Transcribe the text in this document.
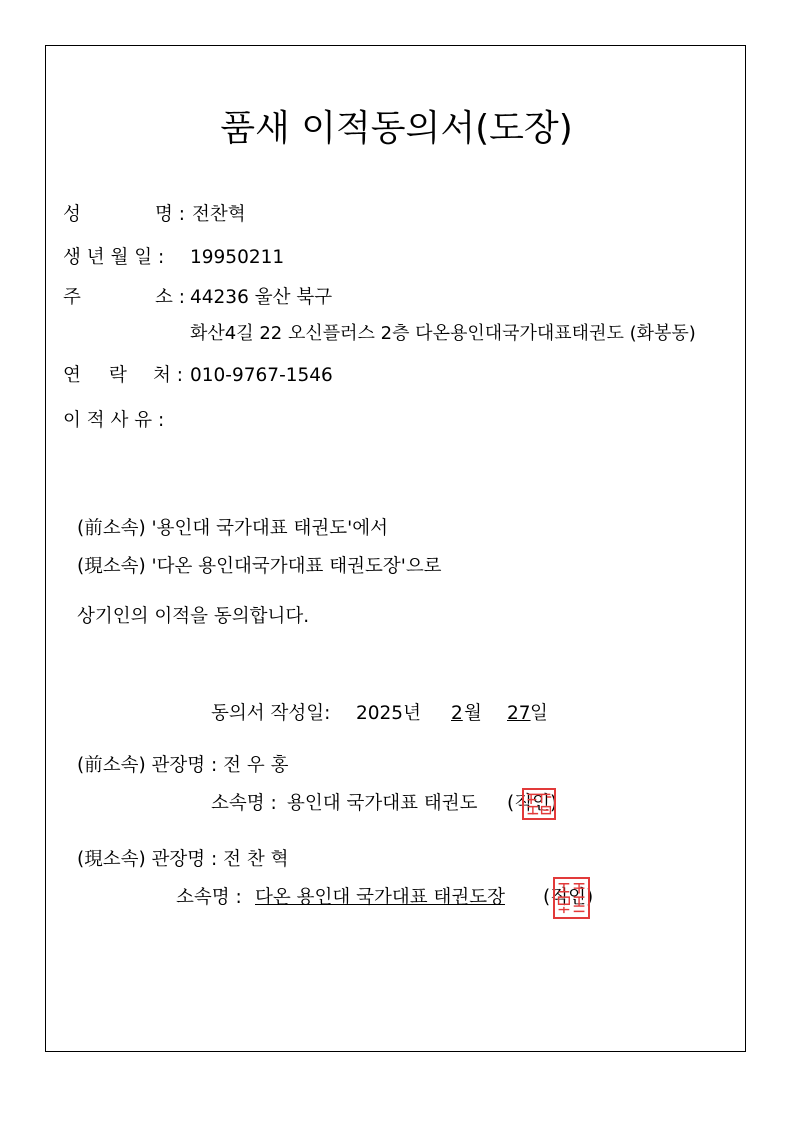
품새 이적동의서(도장)
성	명 : 전찬혁
생 년 월 일 : 19950211
주	소 : 44236 울산 북구
화산4길 22 오신플러스 2층 다온용인대국가대표태권도 (화봉동)
연 락 처 : 010-9767-1546
이 적 사 유 :
(前소속) '용인대 국가대표 태권도'에서
(現소속) '다온 용인대국가대표 태권도장'으로
상기인의 이적을 동의합니다.
동의서 작성일: 2025년 2 월 27 일
(前소속) 관장명 : 전 우 홍
소속명 : 용인대 국가대표 태권도 (직인)
(現소속) 관장명 : 전 찬 혁
소속명 : 다온 용인대 국가대표 태권도장 (직인)
